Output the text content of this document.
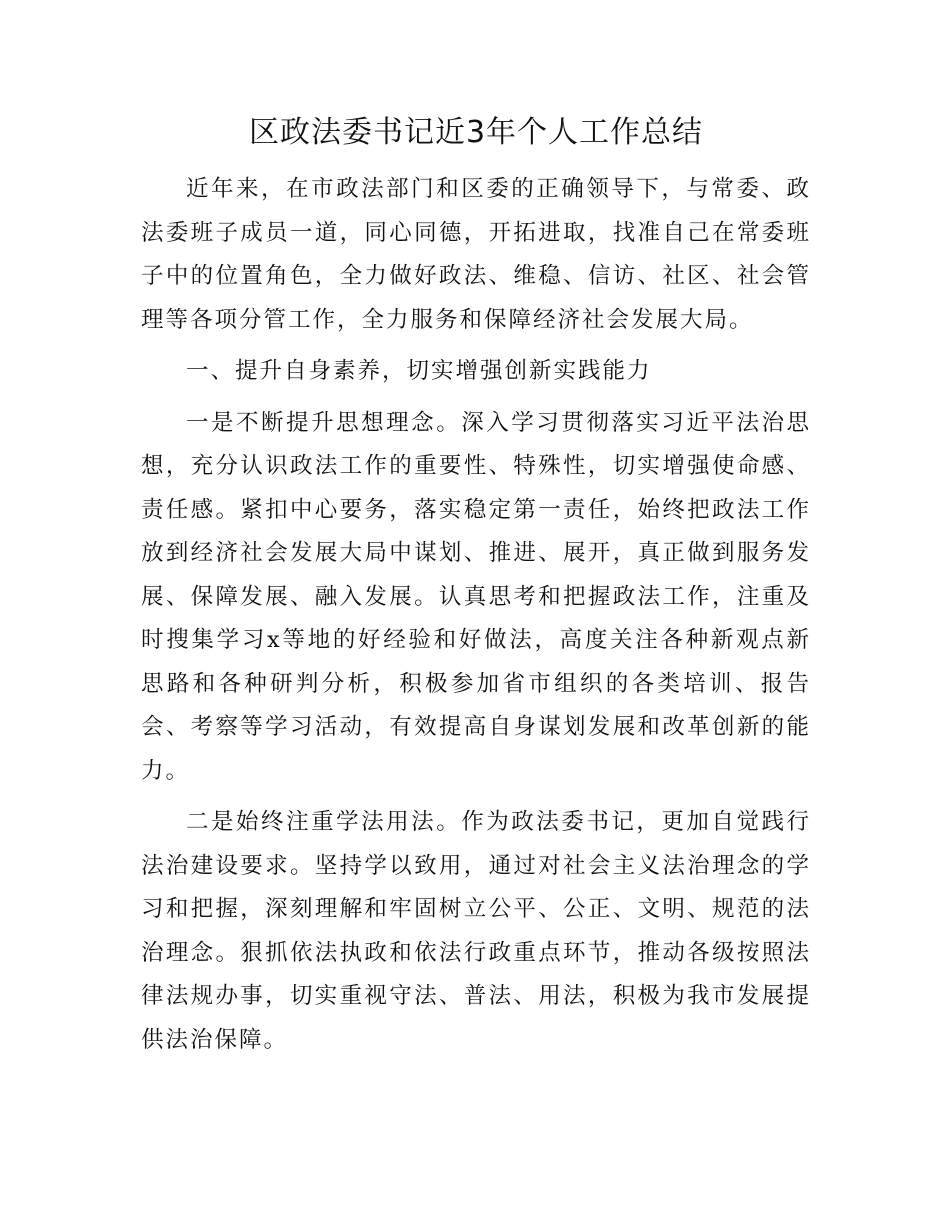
区政法委书记近3年个人工作总结

近年来，在市政法部门和区委的正确领导下，与常委、政法委班子成员一道，同心同德，开拓进取，找准自己在常委班子中的位置角色，全力做好政法、维稳、信访、社区、社会管理等各项分管工作，全力服务和保障经济社会发展大局。

一、提升自身素养，切实增强创新实践能力

一是不断提升思想理念。深入学习贯彻落实习近平法治思想，充分认识政法工作的重要性、特殊性，切实增强使命感、责任感。紧扣中心要务，落实稳定第一责任，始终把政法工作放到经济社会发展大局中谋划、推进、展开，真正做到服务发展、保障发展、融入发展。认真思考和把握政法工作，注重及时搜集学习x等地的好经验和好做法，高度关注各种新观点新思路和各种研判分析，积极参加省市组织的各类培训、报告会、考察等学习活动，有效提高自身谋划发展和改革创新的能力。

二是始终注重学法用法。作为政法委书记，更加自觉践行法治建设要求。坚持学以致用，通过对社会主义法治理念的学习和把握，深刻理解和牢固树立公平、公正、文明、规范的法治理念。狠抓依法执政和依法行政重点环节，推动各级按照法律法规办事，切实重视守法、普法、用法，积极为我市发展提供法治保障。
